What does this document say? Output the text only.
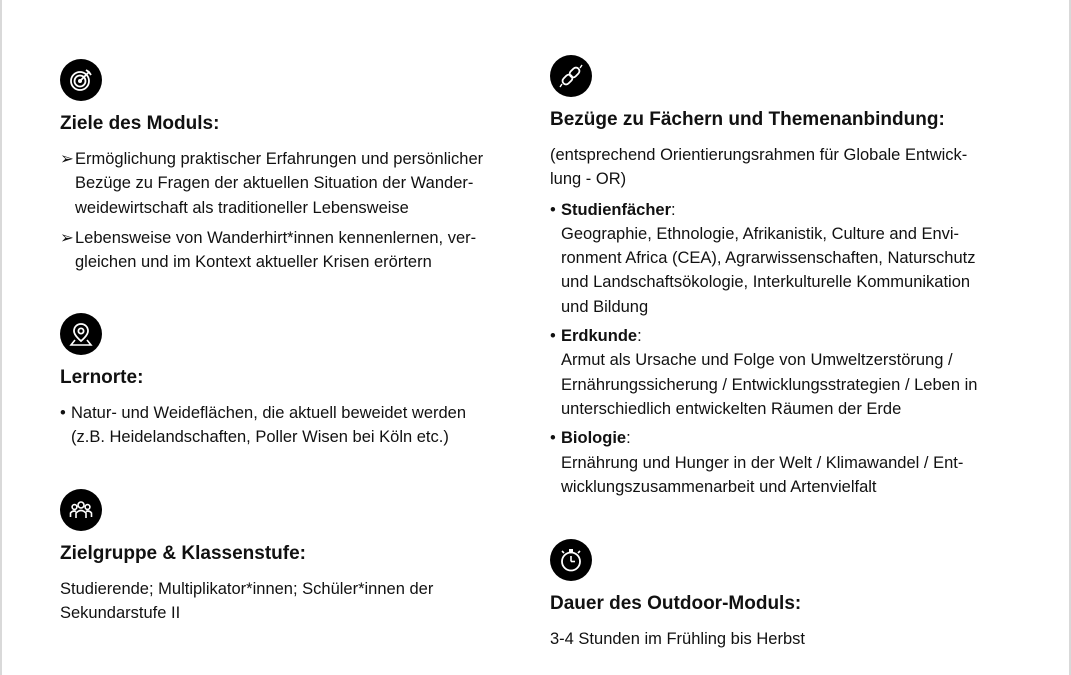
Ziele des Moduls:
➢ Ermöglichung praktischer Erfahrungen und persönlicher
Bezüge zu Fragen der aktuellen Situation der Wander-
weidewirtschaft als traditioneller Lebensweise
➢ Lebensweise von Wanderhirt*innen kennenlernen, ver-
gleichen und im Kontext aktueller Krisen erörtern
Lernorte:
• Natur- und Weideflächen, die aktuell beweidet werden
(z.B. Heidelandschaften, Poller Wisen bei Köln etc.)
Zielgruppe & Klassenstufe:
Studierende; Multiplikator*innen; Schüler*innen der
Sekundarstufe II
Bezüge zu Fächern und Themenanbindung:
(entsprechend Orientierungsrahmen für Globale Entwick-
lung - OR)
• Studienfächer:
Geographie, Ethnologie, Afrikanistik, Culture and Envi-
ronment Africa (CEA), Agrarwissenschaften, Naturschutz
und Landschaftsökologie, Interkulturelle Kommunikation
und Bildung
• Erdkunde:
Armut als Ursache und Folge von Umweltzerstörung /
Ernährungssicherung / Entwicklungsstrategien / Leben in
unterschiedlich entwickelten Räumen der Erde
• Biologie:
Ernährung und Hunger in der Welt / Klimawandel / Ent-
wicklungszusammenarbeit und Artenvielfalt
Dauer des Outdoor-Moduls:
3-4 Stunden im Frühling bis Herbst
